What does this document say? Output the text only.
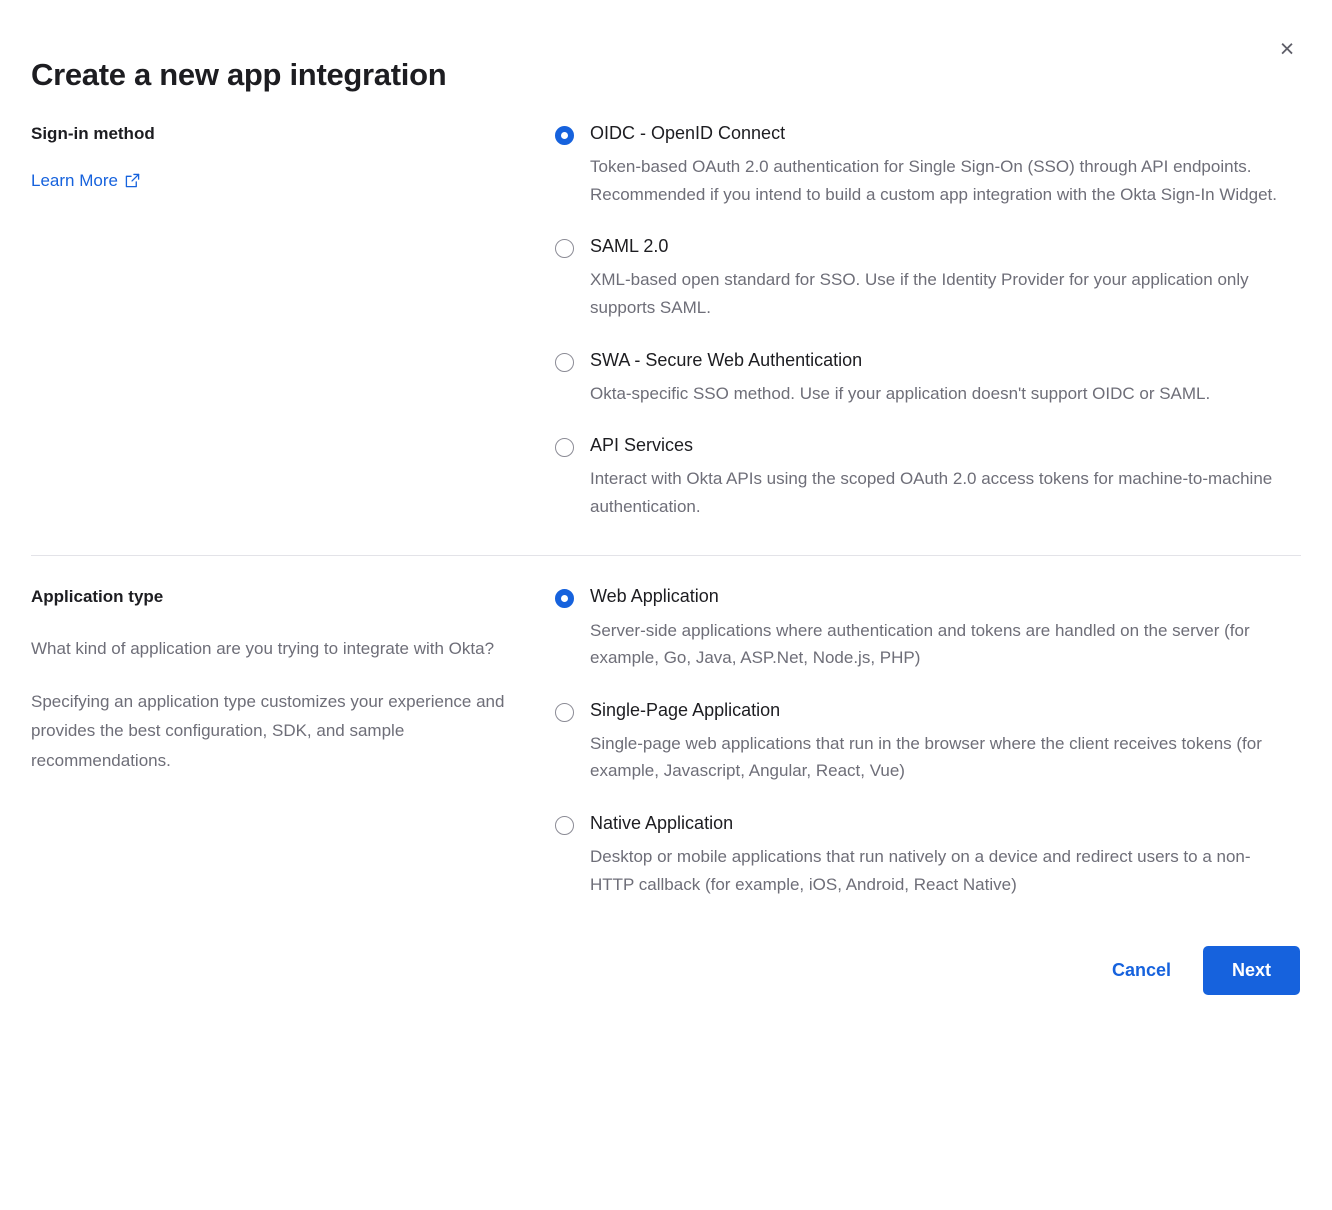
×
Create a new app integration
Sign-in method
Learn More
OIDC - OpenID Connect
Token-based OAuth 2.0 authentication for Single Sign-On (SSO) through API endpoints. Recommended if you intend to build a custom app integration with the Okta Sign-In Widget.
SAML 2.0
XML-based open standard for SSO. Use if the Identity Provider for your application only supports SAML.
SWA - Secure Web Authentication
Okta-specific SSO method. Use if your application doesn't support OIDC or SAML.
API Services
Interact with Okta APIs using the scoped OAuth 2.0 access tokens for machine-to-machine authentication.
Application type

What kind of application are you trying to integrate with Okta?

Specifying an application type customizes your experience and provides the best configuration, SDK, and sample recommendations.

Web Application
Server-side applications where authentication and tokens are handled on the server (for example, Go, Java, ASP.Net, Node.js, PHP)
Single-Page Application
Single-page web applications that run in the browser where the client receives tokens (for example, Javascript, Angular, React, Vue)
Native Application
Desktop or mobile applications that run natively on a device and redirect users to a non-HTTP callback (for example, iOS, Android, React Native)
Cancel	Next
